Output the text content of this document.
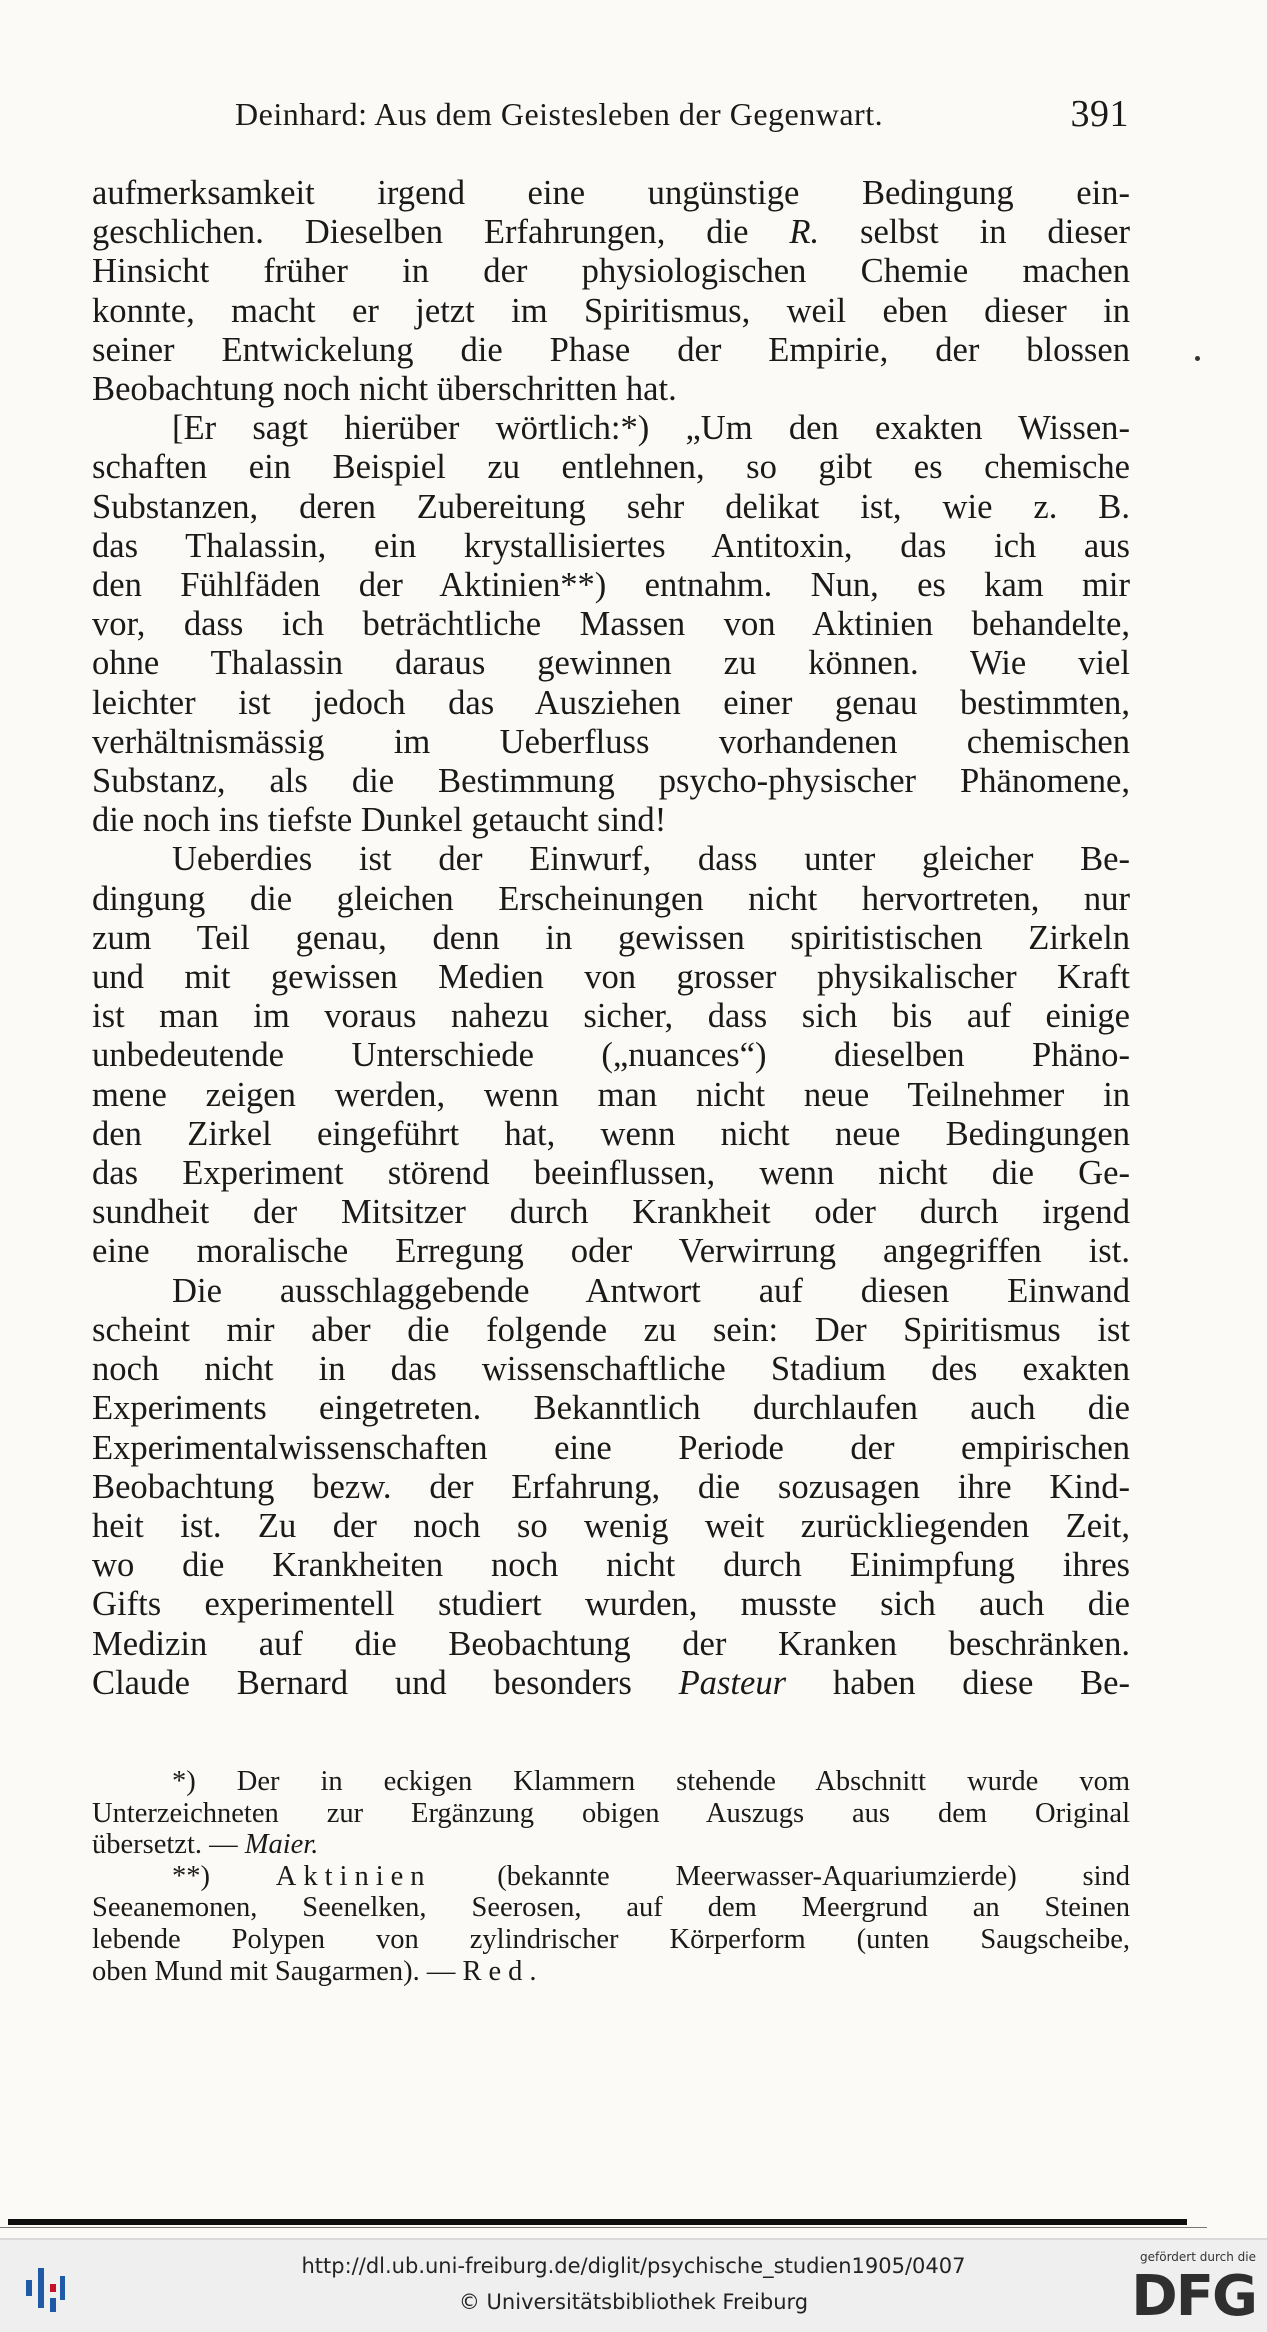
Deinhard: Aus dem Geistesleben der Gegenwart.	391
aufmerksamkeit irgend eine ungünstige Bedingung ein-
geschlichen. Dieselben Erfahrungen, die R. selbst in dieser
Hinsicht früher in der physiologischen Chemie machen
konnte, macht er jetzt im Spiritismus, weil eben dieser in
seiner Entwickelung die Phase der Empirie, der blossen
Beobachtung noch nicht überschritten hat.
[Er sagt hierüber wörtlich:*) „Um den exakten Wissen-
schaften ein Beispiel zu entlehnen, so gibt es chemische
Substanzen, deren Zubereitung sehr delikat ist, wie z. B.
das Thalassin, ein krystallisiertes Antitoxin, das ich aus
den Fühlfäden der Aktinien**) entnahm. Nun, es kam mir
vor, dass ich beträchtliche Massen von Aktinien behandelte,
ohne Thalassin daraus gewinnen zu können. Wie viel
leichter ist jedoch das Ausziehen einer genau bestimmten,
verhältnismässig im Ueberfluss vorhandenen chemischen
Substanz, als die Bestimmung psycho-physischer Phänomene,
die noch ins tiefste Dunkel getaucht sind!
Ueberdies ist der Einwurf, dass unter gleicher Be-
dingung die gleichen Erscheinungen nicht hervortreten, nur
zum Teil genau, denn in gewissen spiritistischen Zirkeln
und mit gewissen Medien von grosser physikalischer Kraft
ist man im voraus nahezu sicher, dass sich bis auf einige
unbedeutende Unterschiede („nuances“) dieselben Phäno-
mene zeigen werden, wenn man nicht neue Teilnehmer in
den Zirkel eingeführt hat, wenn nicht neue Bedingungen
das Experiment störend beeinflussen, wenn nicht die Ge-
sundheit der Mitsitzer durch Krankheit oder durch irgend
eine moralische Erregung oder Verwirrung angegriffen ist.
Die ausschlaggebende Antwort auf diesen Einwand
scheint mir aber die folgende zu sein: Der Spiritismus ist
noch nicht in das wissenschaftliche Stadium des exakten
Experiments eingetreten. Bekanntlich durchlaufen auch die
Experimentalwissenschaften eine Periode der empirischen
Beobachtung bezw. der Erfahrung, die sozusagen ihre Kind-
heit ist. Zu der noch so wenig weit zurückliegenden Zeit,
wo die Krankheiten noch nicht durch Einimpfung ihres
Gifts experimentell studiert wurden, musste sich auch die
Medizin auf die Beobachtung der Kranken beschränken.
Claude Bernard und besonders Pasteur haben diese Be-
*) Der in eckigen Klammern stehende Abschnitt wurde vom
Unterzeichneten zur Ergänzung obigen Auszugs aus dem Original
übersetzt. — Maier.
**) Aktinien (bekannte Meerwasser-Aquariumzierde) sind
Seeanemonen, Seenelken, Seerosen, auf dem Meergrund an Steinen
lebende Polypen von zylindrischer Körperform (unten Saugscheibe,
oben Mund mit Saugarmen). — Red.
http://dl.ub.uni-freiburg.de/diglit/psychische_studien1905/0407
© Universitätsbibliothek Freiburg
gefördert durch die
DFG
